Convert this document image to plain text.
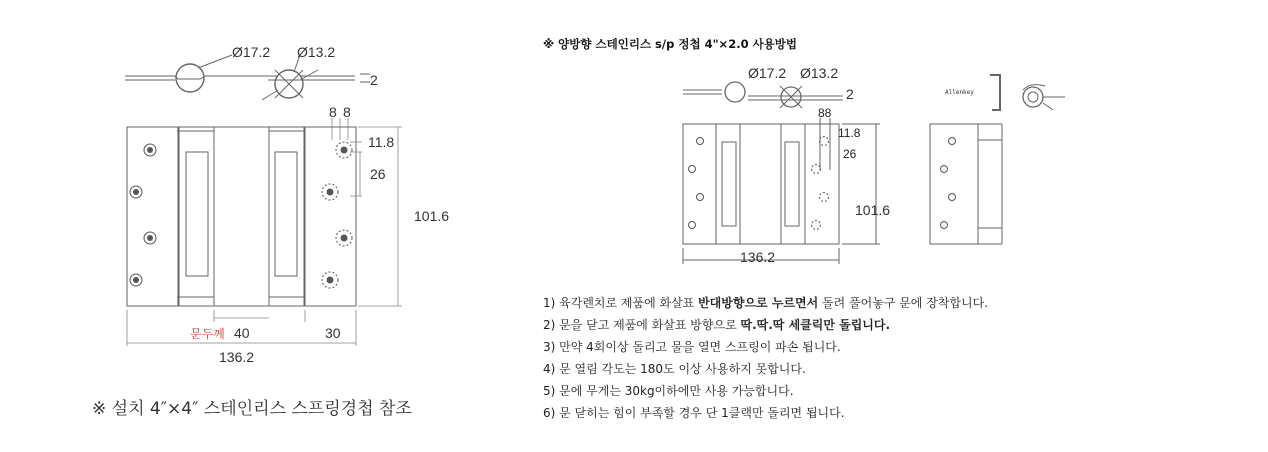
Ø17.2 Ø13.2
2
8 8
11.8
26
101.6
문두께 40	30
136.2
※ 설치 4″×4″ 스테인리스 스프링경첩 참조
※ 양방향 스테인리스 s/p 정첩 4"×2.0 사용방법
Ø17.2 Ø13.2
2
88
11.8
26
101.6
136.2
Allenkey
1) 육각렌치로 제품에 화살표 반대방향으로 누르면서 돌려 풀어놓구 문에 장착합니다.
2) 문을 닫고 제품에 화살표 방향으로 딱.딱.딱 세클릭만 돌립니다.
3) 만약 4회이상 돌리고 물을 열면 스프링이 파손 됩니다.
4) 문 열림 각도는 180도 이상 사용하지 못합니다.
5) 문에 무게는 30kg이하에만 사용 가능합니다.
6) 문 닫히는 힘이 부족할 경우 단 1클랙만 돌리면 됩니다.
